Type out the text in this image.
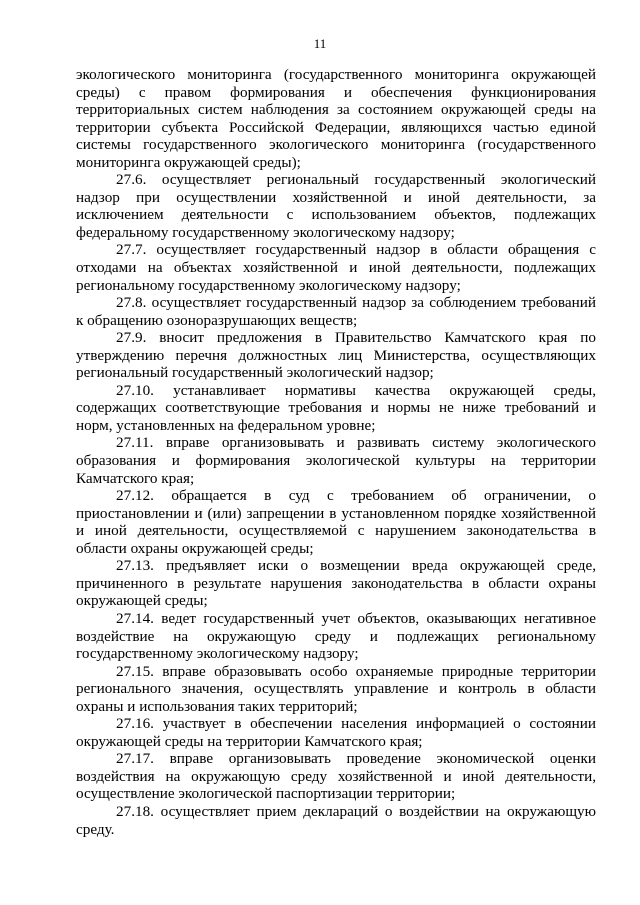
11

экологического мониторинга (государственного мониторинга окружающей среды) с правом формирования и обеспечения функционирования территориальных систем наблюдения за состоянием окружающей среды на территории субъекта Российской Федерации, являющихся частью единой системы государственного экологического мониторинга (государственного мониторинга окружающей среды);

27.6. осуществляет региональный государственный экологический надзор при осуществлении хозяйственной и иной деятельности, за исключением деятельности с использованием объектов, подлежащих федеральному государственному экологическому надзору;

27.7. осуществляет государственный надзор в области обращения с отходами на объектах хозяйственной и иной деятельности, подлежащих региональному государственному экологическому надзору;

27.8. осуществляет государственный надзор за соблюдением требований к обращению озоноразрушающих веществ;

27.9. вносит предложения в Правительство Камчатского края по утверждению перечня должностных лиц Министерства, осуществляющих региональный государственный экологический надзор;

27.10. устанавливает нормативы качества окружающей среды, содержащих соответствующие требования и нормы не ниже требований и норм, установленных на федеральном уровне;

27.11. вправе организовывать и развивать систему экологического образования и формирования экологической культуры на территории Камчатского края;

27.12. обращается в суд с требованием об ограничении, о приостановлении и (или) запрещении в установленном порядке хозяйственной и иной деятельности, осуществляемой с нарушением законодательства в области охраны окружающей среды;

27.13. предъявляет иски о возмещении вреда окружающей среде, причиненного в результате нарушения законодательства в области охраны окружающей среды;

27.14. ведет государственный учет объектов, оказывающих негативное воздействие на окружающую среду и подлежащих региональному государственному экологическому надзору;

27.15. вправе образовывать особо охраняемые природные территории регионального значения, осуществлять управление и контроль в области охраны и использования таких территорий;

27.16. участвует в обеспечении населения информацией о состоянии окружающей среды на территории Камчатского края;

27.17. вправе организовывать проведение экономической оценки воздействия на окружающую среду хозяйственной и иной деятельности, осуществление экологической паспортизации территории;

27.18. осуществляет прием деклараций о воздействии на окружающую среду.
